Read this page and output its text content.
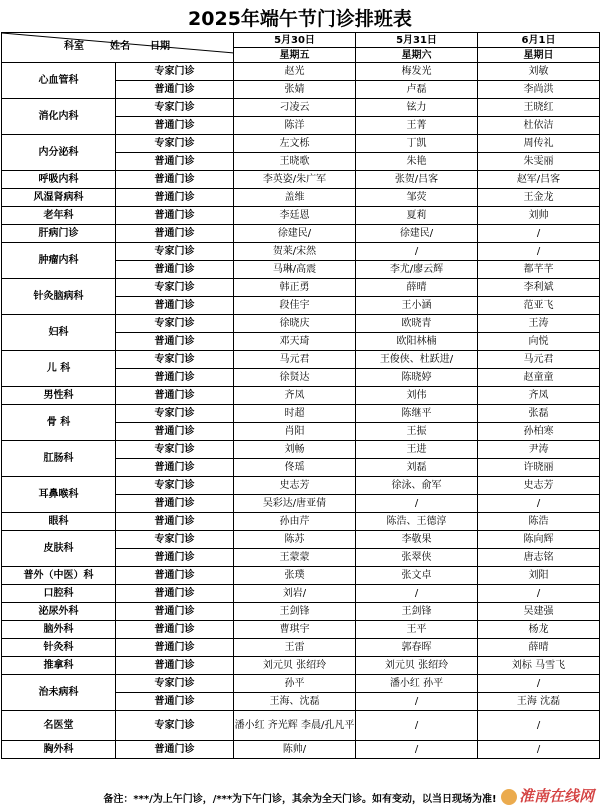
2025年端午节门诊排班表
科室 姓名 日期		5月30日	5月31日	6月1日
		星期五	星期六	星期日
心血管科	专家门诊	赵光	梅发光	刘敏
	普通门诊	张婧	卢磊	李尚洪
消化内科	专家门诊	刁凌云	铉力	王晓红
	普通门诊	陈洋	王菁	杜依洁
内分泌科	专家门诊	左文栎	丁凯	周传礼
	普通门诊	王晓歌	朱艳	朱雯丽
呼吸内科	普通门诊	李英姿/朱广军	张贺/吕客	赵军/吕客
风湿肾病科	普通门诊	盖维	邹荧	王金龙
老年科	普通门诊	李廷恩	夏莉	刘帅
肝病门诊	普通门诊	徐建民/	徐建民/	/
肿瘤内科	专家门诊	贺莱/宋然	/	/
	普通门诊	马琳/高震	李尤/廖云辉	都芊芊
针灸脑病科	专家门诊	韩正勇	薛晴	李利斌
	普通门诊	段佳宇	王小涵	范亚飞
妇科	专家门诊	徐晓庆	欧晓青	王涛
	普通门诊	邓天琦	欧阳林楠	向悦
儿 科	专家门诊	马元君	王俊侠、杜跃进/	马元君
	普通门诊	徐贤达	陈晓婷	赵童童
男性科	普通门诊	齐凤	刘伟	齐凤
骨 科	专家门诊	时超	陈继平	张磊
	普通门诊	肖阳	王振	孙柏寒
肛肠科	专家门诊	刘畅	王进	尹涛
	普通门诊	佟瑶	刘磊	许晓丽
耳鼻喉科	专家门诊	史志芳	徐泳、俞军	史志芳
	普通门诊	吴彩达/唐亚倩	/	/
眼科	普通门诊	孙由芹	陈浩、王德淳	陈浩
皮肤科	专家门诊	陈苏	李敬果	陈向辉
	普通门诊	王蒙蒙	张翠侠	唐志铭
普外（中医）科	普通门诊	张璞	张文卓	刘阳
口腔科	普通门诊	刘岩/	/	/
泌尿外科	普通门诊	王剑锋	王剑锋	吴建强
脑外科	普通门诊	曹琪宇	王平	杨龙
针灸科	普通门诊	王雷	郭春晖	薛晴
推拿科	普通门诊	刘元贝 张绍玲	刘元贝 张绍玲	刘标 马雪飞
治未病科	专家门诊	孙平	潘小红 孙平	/
	普通门诊	王海、沈磊	/	王海 沈磊
名医堂	专家门诊	潘小红 齐光辉 李晨/孔凡平	/	/
胸外科	普通门诊	陈帅/	/	/
备注：***/为上午门诊，/***为下午门诊，其余为全天门诊。如有变动，以当日现场为准!	淮南在线网
